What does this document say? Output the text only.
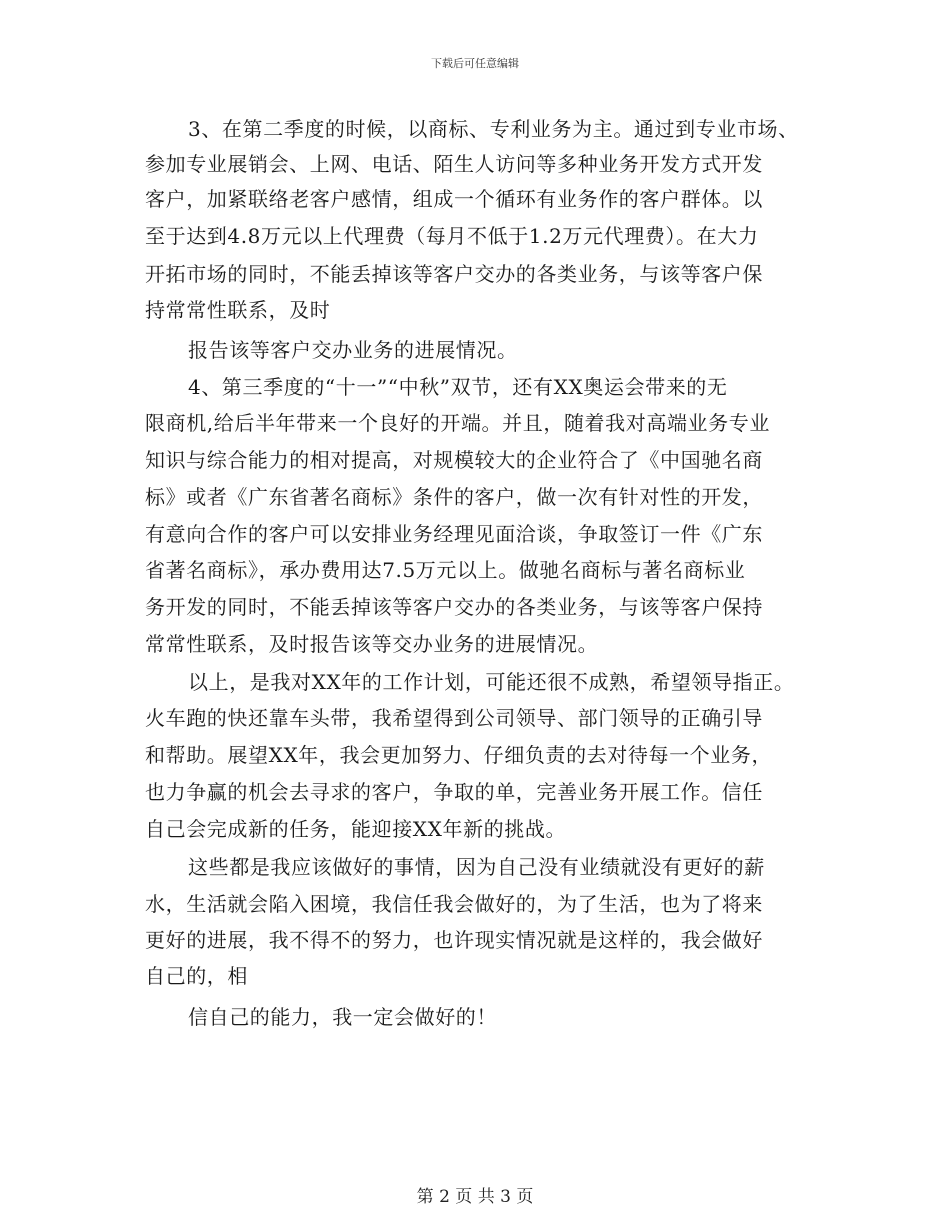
下载后可任意编辑
3、在第二季度的时候，以商标、专利业务为主。通过到专业市场、
参加专业展销会、上网、电话、陌生人访问等多种业务开发方式开发
客户，加紧联络老客户感情，组成一个循环有业务作的客户群体。以
至于达到4.8万元以上代理费（每月不低于1.2万元代理费）。在大力
开拓市场的同时，不能丢掉该等客户交办的各类业务，与该等客户保
持常常性联系，及时
报告该等客户交办业务的进展情况。
4、第三季度的“十一”“中秋”双节，还有XX奥运会带来的无
限商机,给后半年带来一个良好的开端。并且，随着我对高端业务专业
知识与综合能力的相对提高，对规模较大的企业符合了《中国驰名商
标》或者《广东省著名商标》条件的客户，做一次有针对性的开发，
有意向合作的客户可以安排业务经理见面洽谈，争取签订一件《广东
省著名商标》，承办费用达7.5万元以上。做驰名商标与著名商标业
务开发的同时，不能丢掉该等客户交办的各类业务，与该等客户保持
常常性联系，及时报告该等交办业务的进展情况。
以上，是我对XX年的工作计划，可能还很不成熟，希望领导指正。
火车跑的快还靠车头带，我希望得到公司领导、部门领导的正确引导
和帮助。展望XX年，我会更加努力、仔细负责的去对待每一个业务，
也力争赢的机会去寻求的客户，争取的单，完善业务开展工作。信任
自己会完成新的任务，能迎接XX年新的挑战。
这些都是我应该做好的事情，因为自己没有业绩就没有更好的薪
水，生活就会陷入困境，我信任我会做好的，为了生活，也为了将来
更好的进展，我不得不的努力，也许现实情况就是这样的，我会做好
自己的，相
信自己的能力，我一定会做好的！
第 2 页 共 3 页
